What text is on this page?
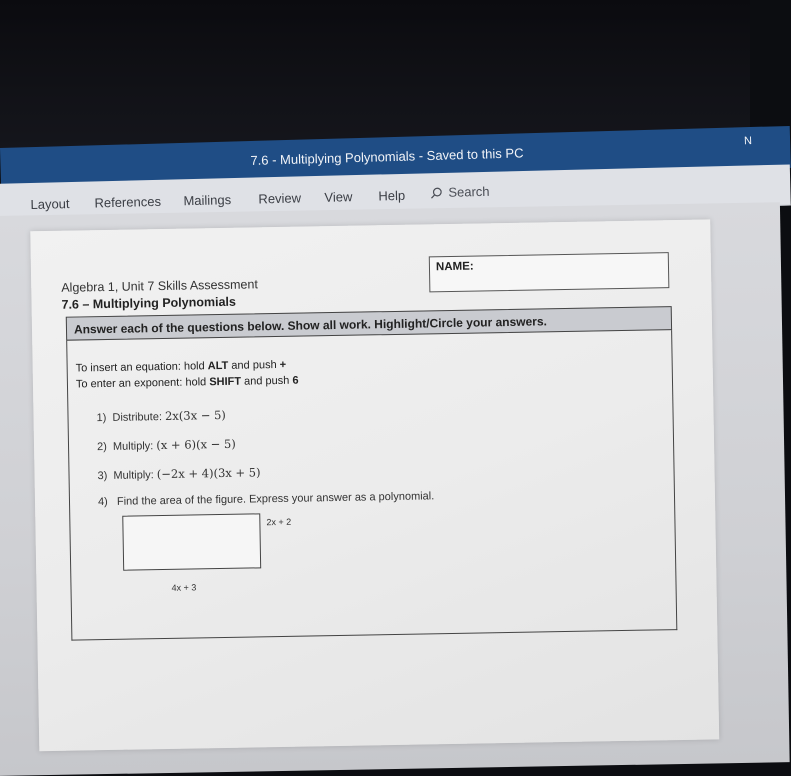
7.6 - Multiplying Polynomials - Saved to this PC
N
Layout References Mailings Review View Help	Search
Algebra 1, Unit 7 Skills Assessment
7.6 – Multiplying Polynomials
NAME:
Answer each of the questions below. Show all work. Highlight/Circle your answers.
To insert an equation: hold ALT and push +
To enter an exponent: hold SHIFT and push 6
1) Distribute: 2x(3x − 5)
2) Multiply: (x + 6)(x − 5)
3) Multiply: (−2x + 4)(3x + 5)
4) Find the area of the figure. Express your answer as a polynomial.
2x + 2
4x + 3
